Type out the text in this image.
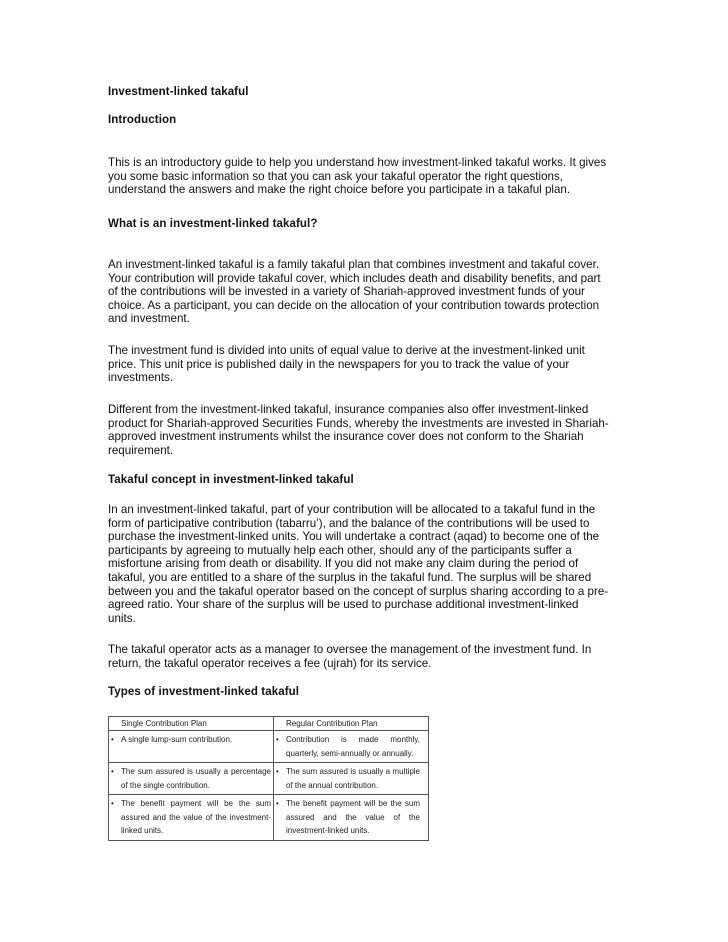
Investment-linked takaful
Introduction
This is an introductory guide to help you understand how investment-linked takaful works. It gives
you some basic information so that you can ask your takaful operator the right questions,
understand the answers and make the right choice before you participate in a takaful plan.
What is an investment-linked takaful?
An investment-linked takaful is a family takaful plan that combines investment and takaful cover.
Your contribution will provide takaful cover, which includes death and disability benefits, and part
of the contributions will be invested in a variety of Shariah-approved investment funds of your
choice. As a participant, you can decide on the allocation of your contribution towards protection
and investment.
The investment fund is divided into units of equal value to derive at the investment-linked unit
price. This unit price is published daily in the newspapers for you to track the value of your
investments.
Different from the investment-linked takaful, insurance companies also offer investment-linked
product for Shariah-approved Securities Funds, whereby the investments are invested in Shariah-
approved investment instruments whilst the insurance cover does not conform to the Shariah
requirement.
Takaful concept in investment-linked takaful
In an investment-linked takaful, part of your contribution will be allocated to a takaful fund in the
form of participative contribution (tabarru’), and the balance of the contributions will be used to
purchase the investment-linked units. You will undertake a contract (aqad) to become one of the
participants by agreeing to mutually help each other, should any of the participants suffer a
misfortune arising from death or disability. If you did not make any claim during the period of
takaful, you are entitled to a share of the surplus in the takaful fund. The surplus will be shared
between you and the takaful operator based on the concept of surplus sharing according to a pre-
agreed ratio. Your share of the surplus will be used to purchase additional investment-linked
units.
The takaful operator acts as a manager to oversee the management of the investment fund. In
return, the takaful operator receives a fee (ujrah) for its service.
Types of investment-linked takaful
Single Contribution Plan	Regular Contribution Plan

• A single lump-sum contribution.	• Contribution is made monthly, quarterly, semi-annually or annually.

• The sum assured is usually a percentage of the single contribution.	• The sum assured is usually a multiple of the annual contribution.

• The benefit payment will be the sum assured and the value of the investment-linked units.	• The benefit payment will be the sum assured and the value of the investment-linked units.
